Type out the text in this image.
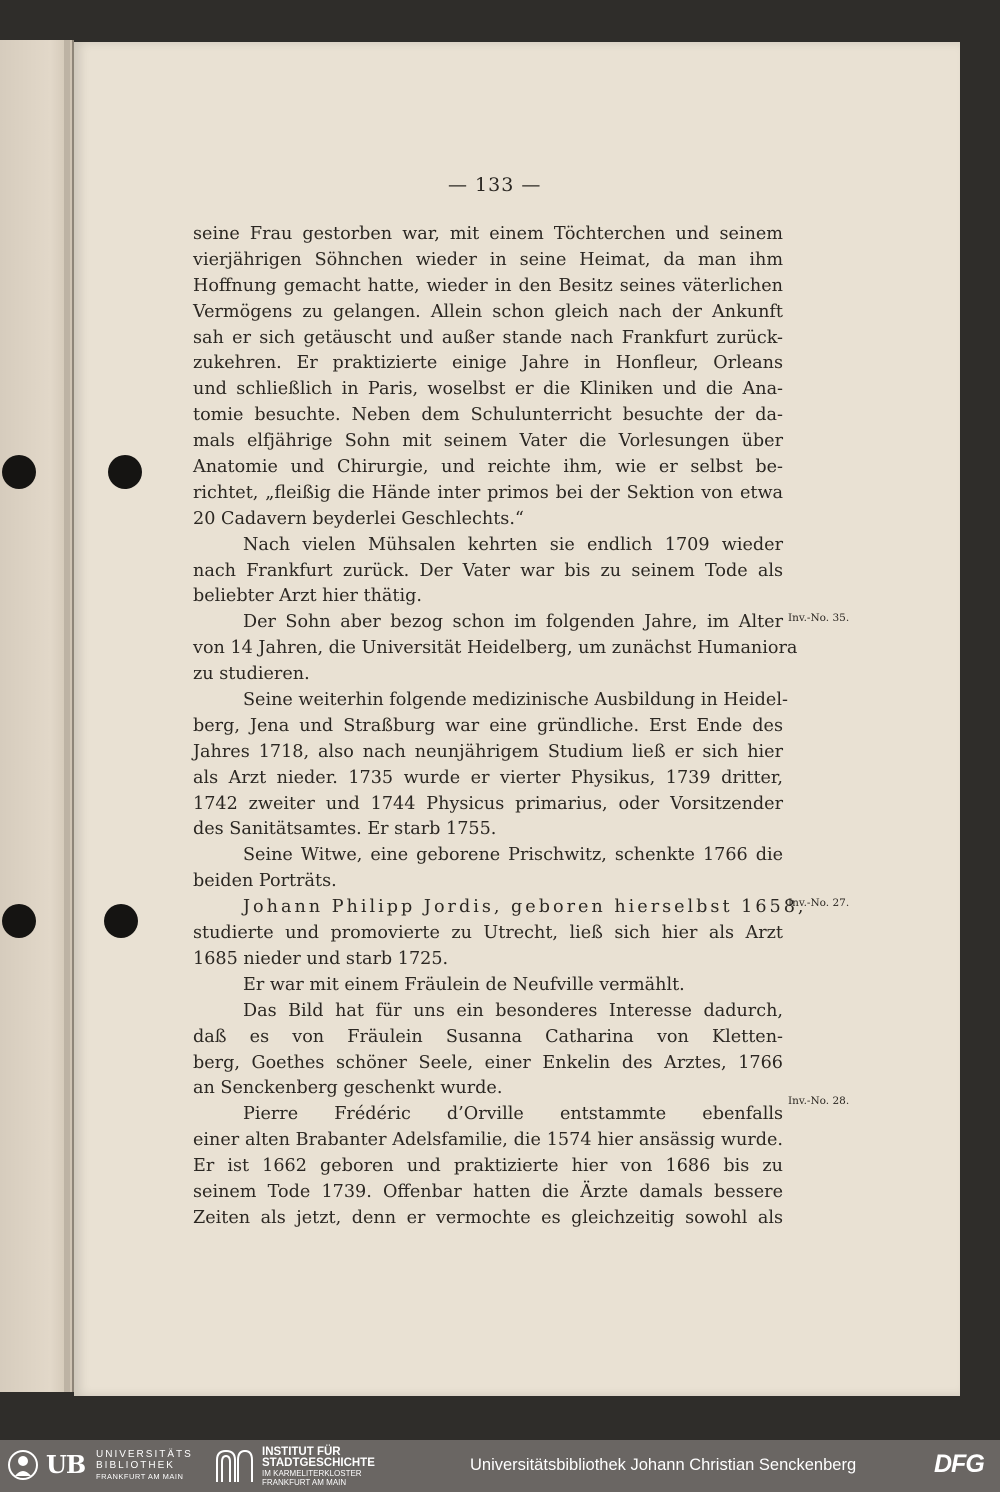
— 133 —
seine Frau gestorben war, mit einem Töchterchen und seinem
vierjährigen Söhnchen wieder in seine Heimat, da man ihm
Hoffnung gemacht hatte, wieder in den Besitz seines väterlichen
Vermögens zu gelangen. Allein schon gleich nach der Ankunft
sah er sich getäuscht und außer stande nach Frankfurt zurück-
zukehren. Er praktizierte einige Jahre in Honfleur, Orleans
und schließlich in Paris, woselbst er die Kliniken und die Ana-
tomie besuchte. Neben dem Schulunterricht besuchte der da-
mals elfjährige Sohn mit seinem Vater die Vorlesungen über
Anatomie und Chirurgie, und reichte ihm, wie er selbst be-
richtet, „fleißig die Hände inter primos bei der Sektion von etwa
20 Cadavern beyderlei Geschlechts.“
Nach vielen Mühsalen kehrten sie endlich 1709 wieder
nach Frankfurt zurück. Der Vater war bis zu seinem Tode als
beliebter Arzt hier thätig.
Der Sohn aber bezog schon im folgenden Jahre, im Alter
von 14 Jahren, die Universität Heidelberg, um zunächst Humaniora
zu studieren.
Seine weiterhin folgende medizinische Ausbildung in Heidel-
berg, Jena und Straßburg war eine gründliche. Erst Ende des
Jahres 1718, also nach neunjährigem Studium ließ er sich hier
als Arzt nieder. 1735 wurde er vierter Physikus, 1739 dritter,
1742 zweiter und 1744 Physicus primarius, oder Vorsitzender
des Sanitätsamtes. Er starb 1755.
Seine Witwe, eine geborene Prischwitz, schenkte 1766 die
beiden Porträts.
Johann Philipp Jordis, geboren hierselbst 1658,
studierte und promovierte zu Utrecht, ließ sich hier als Arzt
1685 nieder und starb 1725.
Er war mit einem Fräulein de Neufville vermählt.
Das Bild hat für uns ein besonderes Interesse dadurch,
daß es von Fräulein Susanna Catharina von Kletten-
berg, Goethes schöner Seele, einer Enkelin des Arztes, 1766
an Senckenberg geschenkt wurde.
Pierre Frédéric d’Orville entstammte ebenfalls
einer alten Brabanter Adelsfamilie, die 1574 hier ansässig wurde.
Er ist 1662 geboren und praktizierte hier von 1686 bis zu
seinem Tode 1739. Offenbar hatten die Ärzte damals bessere
Zeiten als jetzt, denn er vermochte es gleichzeitig sowohl als
Inv.-No. 35.
Inv.-No. 27.
Inv.-No. 28.
UB UNIVERSITÄTS
BIBLIOTHEK
FRANKFURT AM MAIN
INSTITUT FÜR
STADTGESCHICHTE
IM KARMELITERKLOSTER
FRANKFURT AM MAIN
Universitätsbibliothek Johann Christian Senckenberg	DFG
